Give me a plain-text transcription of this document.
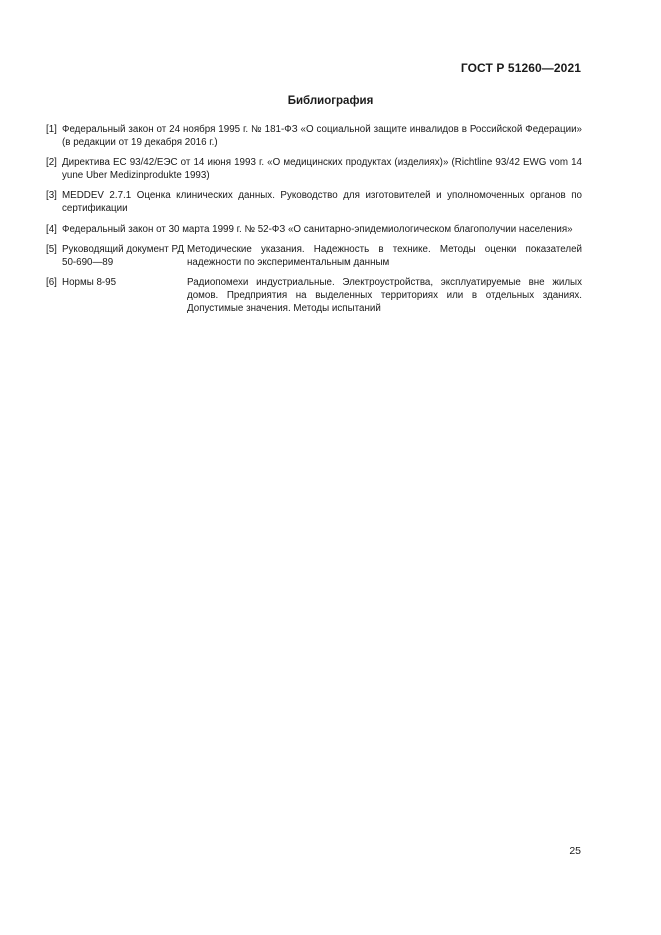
ГОСТ Р 51260—2021
Библиография
[1] Федеральный закон от 24 ноября 1995 г. № 181-ФЗ «О социальной защите инвалидов в Российской Федерации» (в редакции от 19 декабря 2016 г.)
[2] Директива ЕС 93/42/ЕЭС от 14 июня 1993 г. «О медицинских продуктах (изделиях)» (Richtline 93/42 EWG vom 14 yune Uber Medizinprodukte 1993)
[3] MEDDEV 2.7.1 Оценка клинических данных. Руководство для изготовителей и уполномоченных органов по сертификации
[4] Федеральный закон от 30 марта 1999 г. № 52-ФЗ «О санитарно-эпидемиологическом благополучии населения»
[5] Руководящий документ РД 50-690—89
Методические указания. Надежность в технике. Методы оценки показателей надежности по экспериментальным данным
[6] Нормы 8-95	Радиопомехи индустриальные. Электроустройства, эксплуатируемые вне жилых домов. Предприятия на выделенных территориях или в отдельных зданиях. Допустимые значения. Методы испытаний
25
